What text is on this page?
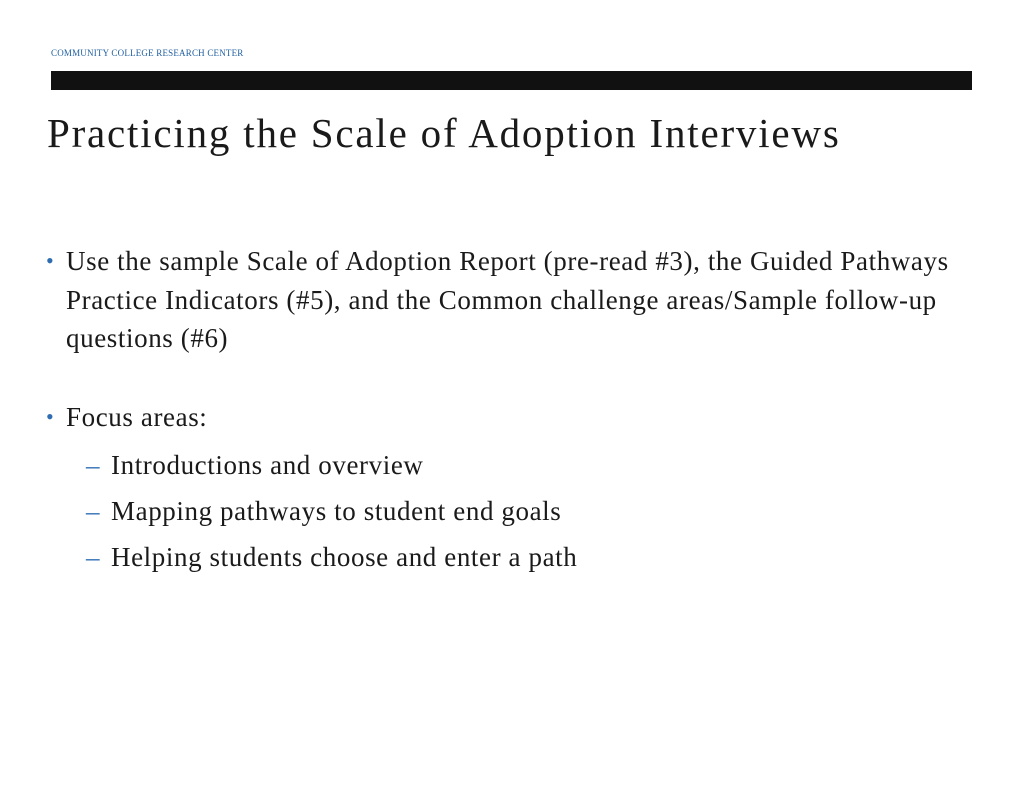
COMMUNITY COLLEGE RESEARCH CENTER
Practicing the Scale of Adoption Interviews
• Use the sample Scale of Adoption Report (pre-read #3), the Guided Pathways Practice Indicators (#5), and the Common challenge areas/Sample follow-up questions (#6)
• Focus areas:
– Introductions and overview
– Mapping pathways to student end goals
– Helping students choose and enter a path
